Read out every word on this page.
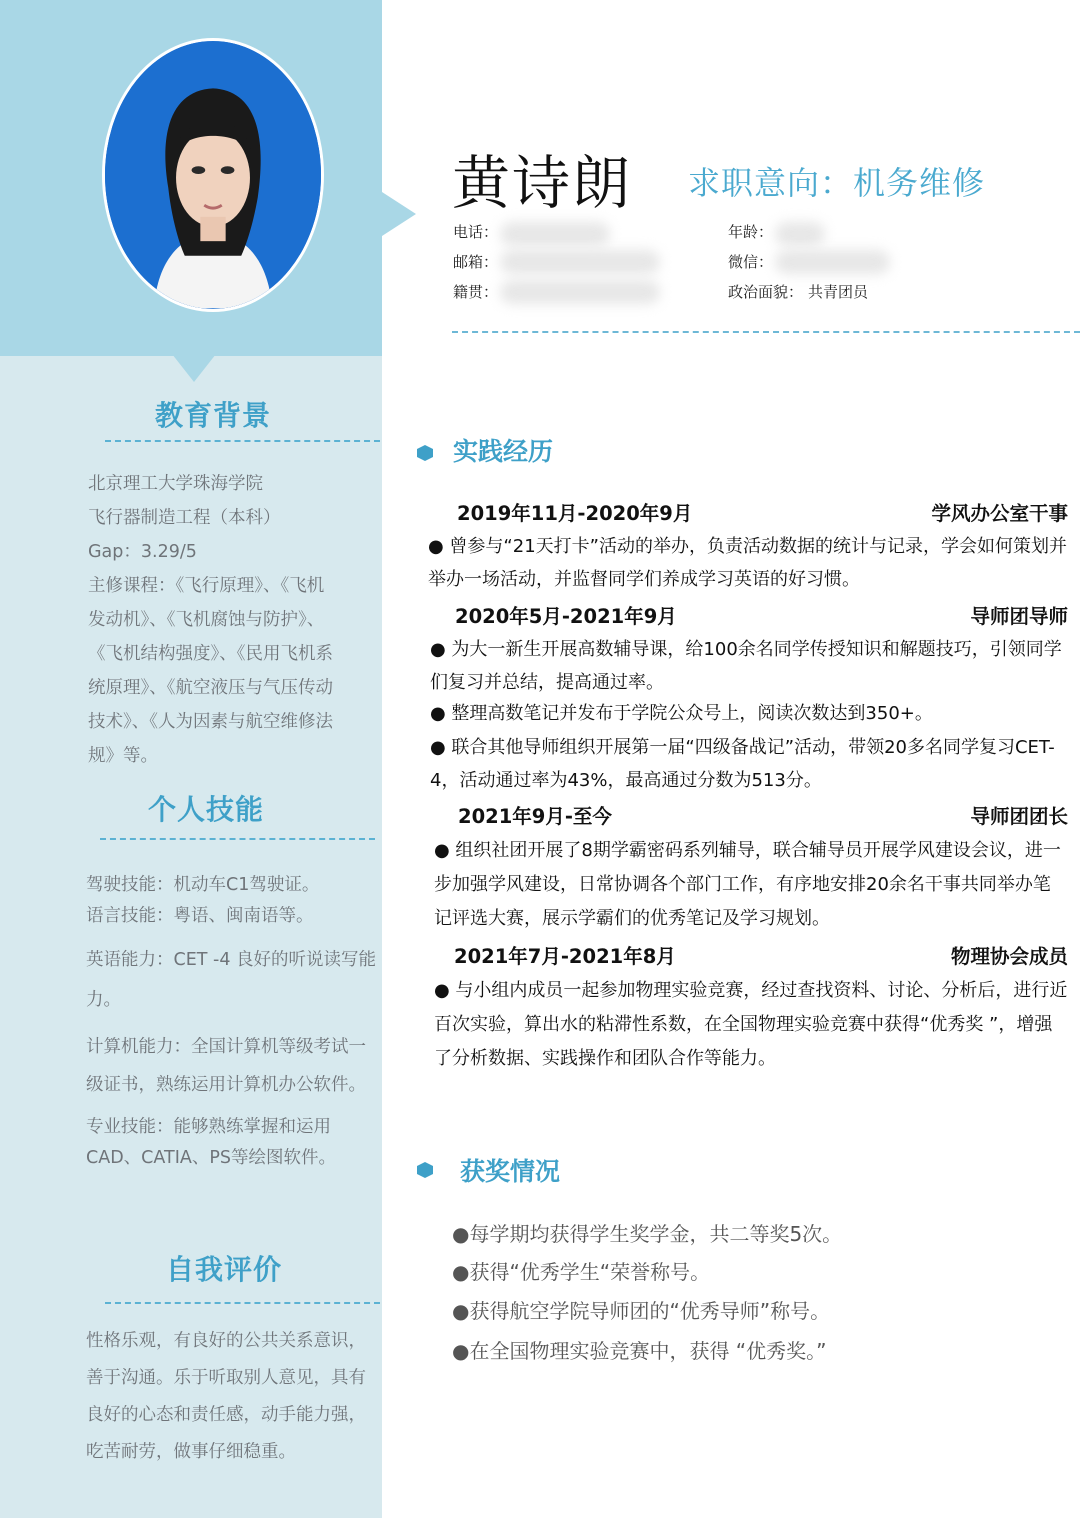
教育背景

北京理工大学珠海学院

飞行器制造工程（本科）

Gap：3.29/5

主修课程：《飞行原理》、《飞机

发动机》、《飞机腐蚀与防护》、

《飞机结构强度》、《民用飞机系

统原理》、《航空液压与气压传动

技术》、《人为因素与航空维修法

规》等。

个人技能

驾驶技能：机动车C1驾驶证。

语言技能：粤语、闽南语等。

英语能力：CET -4 良好的听说读写能力。

计算机能力：全国计算机等级考试一级证书，熟练运用计算机办公软件。

专业技能：能够熟练掌握和运用CAD、CATIA、PS等绘图软件。

自我评价
性格乐观，有良好的公共关系意识，善于沟通。乐于听取别人意见，具有良好的心态和责任感，动手能力强，吃苦耐劳，做事仔细稳重。
黄诗朗 求职意向：机务维修
电话：
邮箱：
籍贯：
年龄：
微信：
政治面貌： 共青团员
实践经历
2019年11月-2020年9月	学风办公室干事
● 曾参与“21天打卡”活动的举办，负责活动数据的统计与记录，学会如何策划并举办一场活动，并监督同学们养成学习英语的好习惯。
2020年5月-2021年9月	导师团导师
● 为大一新生开展高数辅导课，给100余名同学传授知识和解题技巧，引领同学们复习并总结，提高通过率。
● 整理高数笔记并发布于学院公众号上，阅读次数达到350+。
● 联合其他导师组织开展第一届“四级备战记”活动，带领20多名同学复习CET-4，活动通过率为43%，最高通过分数为513分。
2021年9月-至今	导师团团长
● 组织社团开展了8期学霸密码系列辅导，联合辅导员开展学风建设会议，进一步加强学风建设，日常协调各个部门工作，有序地安排20余名干事共同举办笔记评选大赛，展示学霸们的优秀笔记及学习规划。
2021年7月-2021年8月	物理协会成员
● 与小组内成员一起参加物理实验竞赛，经过查找资料、讨论、分析后，进行近百次实验，算出水的粘滞性系数，在全国物理实验竞赛中获得“优秀奖 ”，增强了分析数据、实践操作和团队合作等能力。
获奖情况
●每学期均获得学生奖学金，共二等奖5次。
●获得“优秀学生“荣誉称号。
●获得航空学院导师团的“优秀导师”称号。
●在全国物理实验竞赛中，获得 “优秀奖。”
